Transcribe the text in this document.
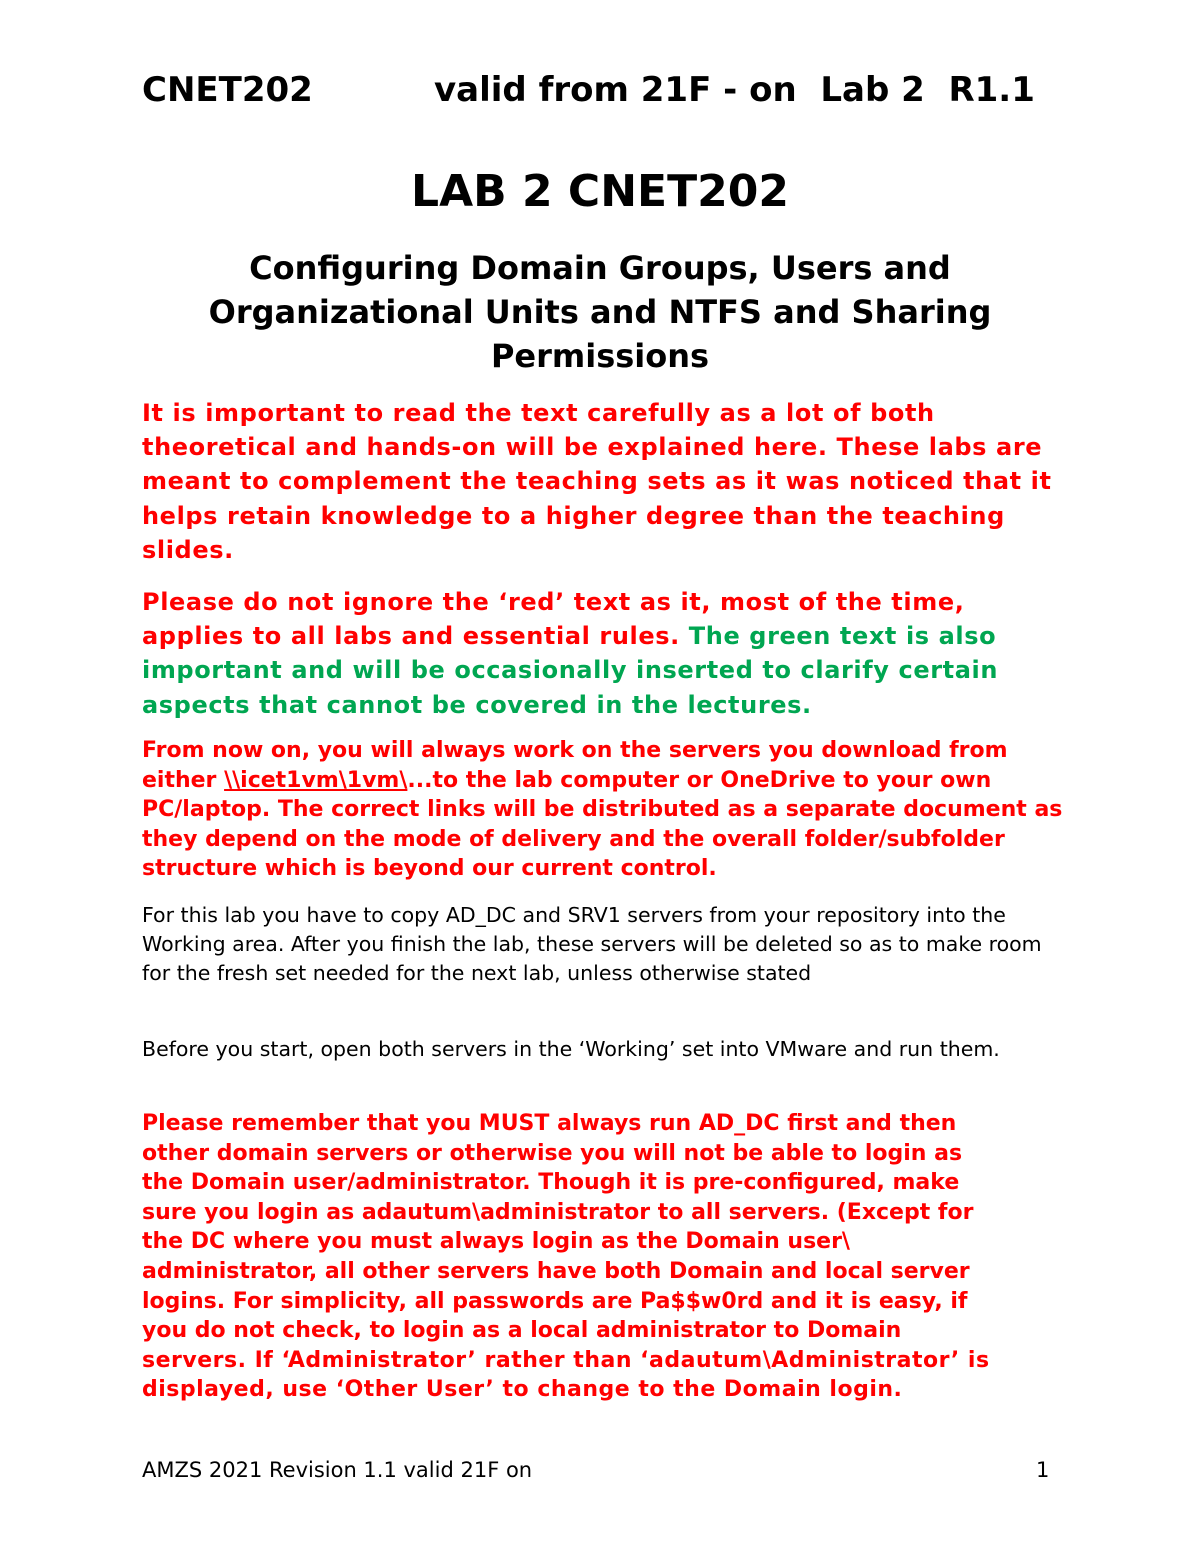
CNET202	valid from 21F - on  Lab 2  R1.1
LAB 2 CNET202
Configuring Domain Groups, Users and Organizational Units and NTFS and Sharing Permissions
It is important to read the text carefully as a lot of both theoretical and hands-on will be explained here. These labs are meant to complement the teaching sets as it was noticed that it helps retain knowledge to a higher degree than the teaching slides.
Please do not ignore the ‘red’ text as it, most of the time, applies to all labs and essential rules. The green text is also important and will be occasionally inserted to clarify certain aspects that cannot be covered in the lectures.
From now on, you will always work on the servers you download from either \\icet1vm\1vm\...to the lab computer or OneDrive to your own PC/laptop. The correct links will be distributed as a separate document as they depend on the mode of delivery and the overall folder/subfolder structure which is beyond our current control.
For this lab you have to copy AD_DC and SRV1 servers from your repository into the Working area. After you finish the lab, these servers will be deleted so as to make room for the fresh set needed for the next lab, unless otherwise stated
Before you start, open both servers in the ‘Working’ set into VMware and run them.
Please remember that you MUST always run AD_DC first and then
other domain servers or otherwise you will not be able to login as
the Domain user/administrator. Though it is pre-configured, make
sure you login as adautum\administrator to all servers. (Except for
the DC where you must always login as the Domain user\
administrator, all other servers have both Domain and local server
logins. For simplicity, all passwords are Pa$$w0rd and it is easy, if
you do not check, to login as a local administrator to Domain
servers. If ‘Administrator’ rather than ‘adautum\Administrator’ is
displayed, use ‘Other User’ to change to the Domain login.
AMZS 2021 Revision 1.1 valid 21F on	1
